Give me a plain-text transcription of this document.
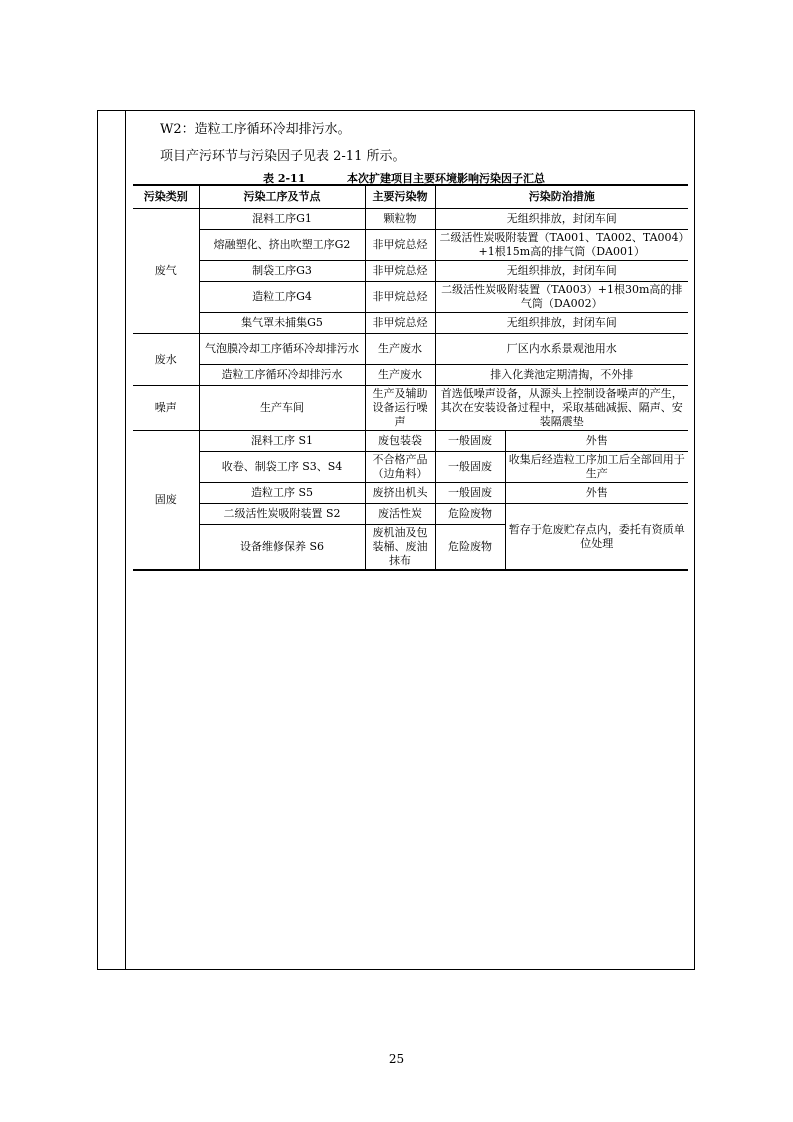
W2：造粒工序循环冷却排污水。
项目产污环节与污染因子见表 2-11 所示。
表 2-11	本次扩建项目主要环境影响污染因子汇总
污染类别	污染工序及节点	主要污染物	污染防治措施	
废气	混料工序G1	颗粒物	无组织排放，封闭车间	
	熔融塑化、挤出吹塑工序G2	非甲烷总烃	二级活性炭吸附装置（TA001、TA002、TA004）+1根15m高的排气筒（DA001）	
	制袋工序G3	非甲烷总烃	无组织排放，封闭车间	
	造粒工序G4	非甲烷总烃	二级活性炭吸附装置（TA003）+1根30m高的排气筒（DA002）	
	集气罩未捕集G5	非甲烷总烃	无组织排放，封闭车间	
废水	气泡膜冷却工序循环冷却排污水	生产废水	厂区内水系景观池用水	
	造粒工序循环冷却排污水	生产废水	排入化粪池定期清掏，不外排	
噪声	生产车间	生产及辅助设备运行噪声	首选低噪声设备，从源头上控制设备噪声的产生，其次在安装设备过程中，采取基础减振、隔声、安装隔震垫	
固废	混料工序 S1	废包装袋	一般固废	外售
	收卷、制袋工序 S3、S4	不合格产品（边角料）	一般固废	收集后经造粒工序加工后全部回用于生产
	造粒工序 S5	废挤出机头	一般固废	外售
	二级活性炭吸附装置 S2	废活性炭	危险废物	暂存于危废贮存点内，委托有资质单位处理
	设备维修保养 S6	废机油及包装桶、废油抹布	危险废物	
25
